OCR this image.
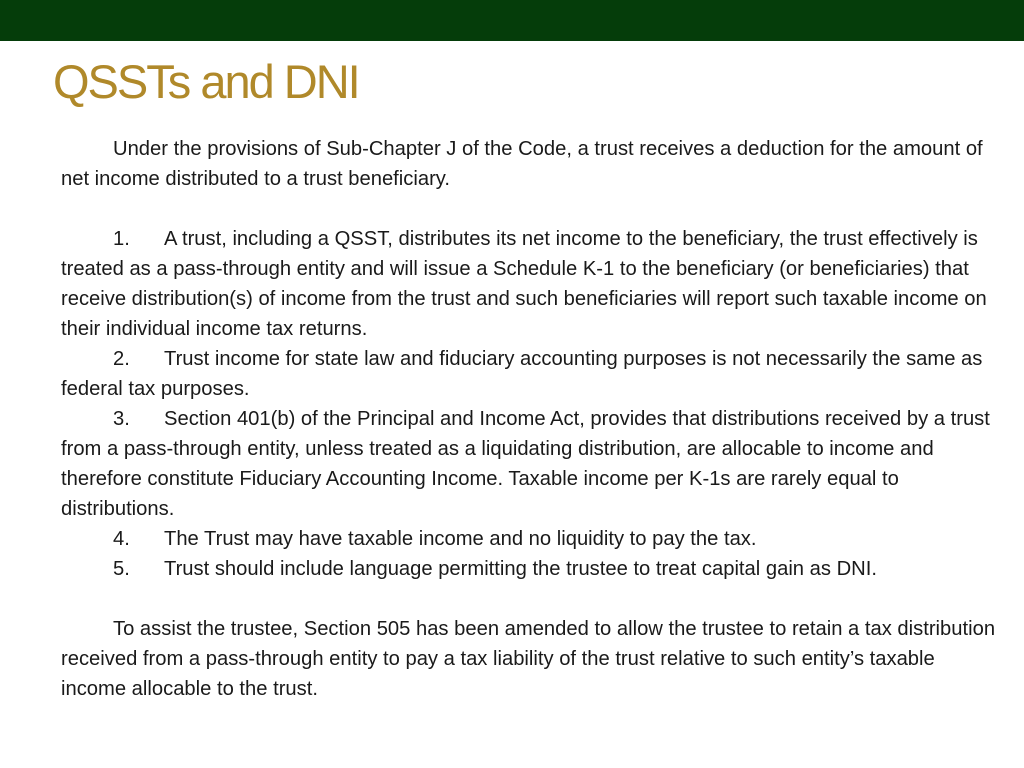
QSSTs and DNI

Under the provisions of Sub-Chapter J of the Code, a trust receives a deduction for the amount of net income distributed to a trust beneficiary.

1. A trust, including a QSST, distributes its net income to the beneficiary, the trust effectively is treated as a pass-through entity and will issue a Schedule K-1 to the beneficiary (or beneficiaries) that receive distribution(s) of income from the trust and such beneficiaries will report such taxable income on their individual income tax returns.

2. Trust income for state law and fiduciary accounting purposes is not necessarily the same as federal tax purposes.

3. Section 401(b) of the Principal and Income Act, provides that distributions received by a trust from a pass-through entity, unless treated as a liquidating distribution, are allocable to income and therefore constitute Fiduciary Accounting Income. Taxable income per K-1s are rarely equal to distributions.

4. The Trust may have taxable income and no liquidity to pay the tax.

5. Trust should include language permitting the trustee to treat capital gain as DNI.

To assist the trustee, Section 505 has been amended to allow the trustee to retain a tax distribution received from a pass-through entity to pay a tax liability of the trust relative to such entity’s taxable income allocable to the trust.
